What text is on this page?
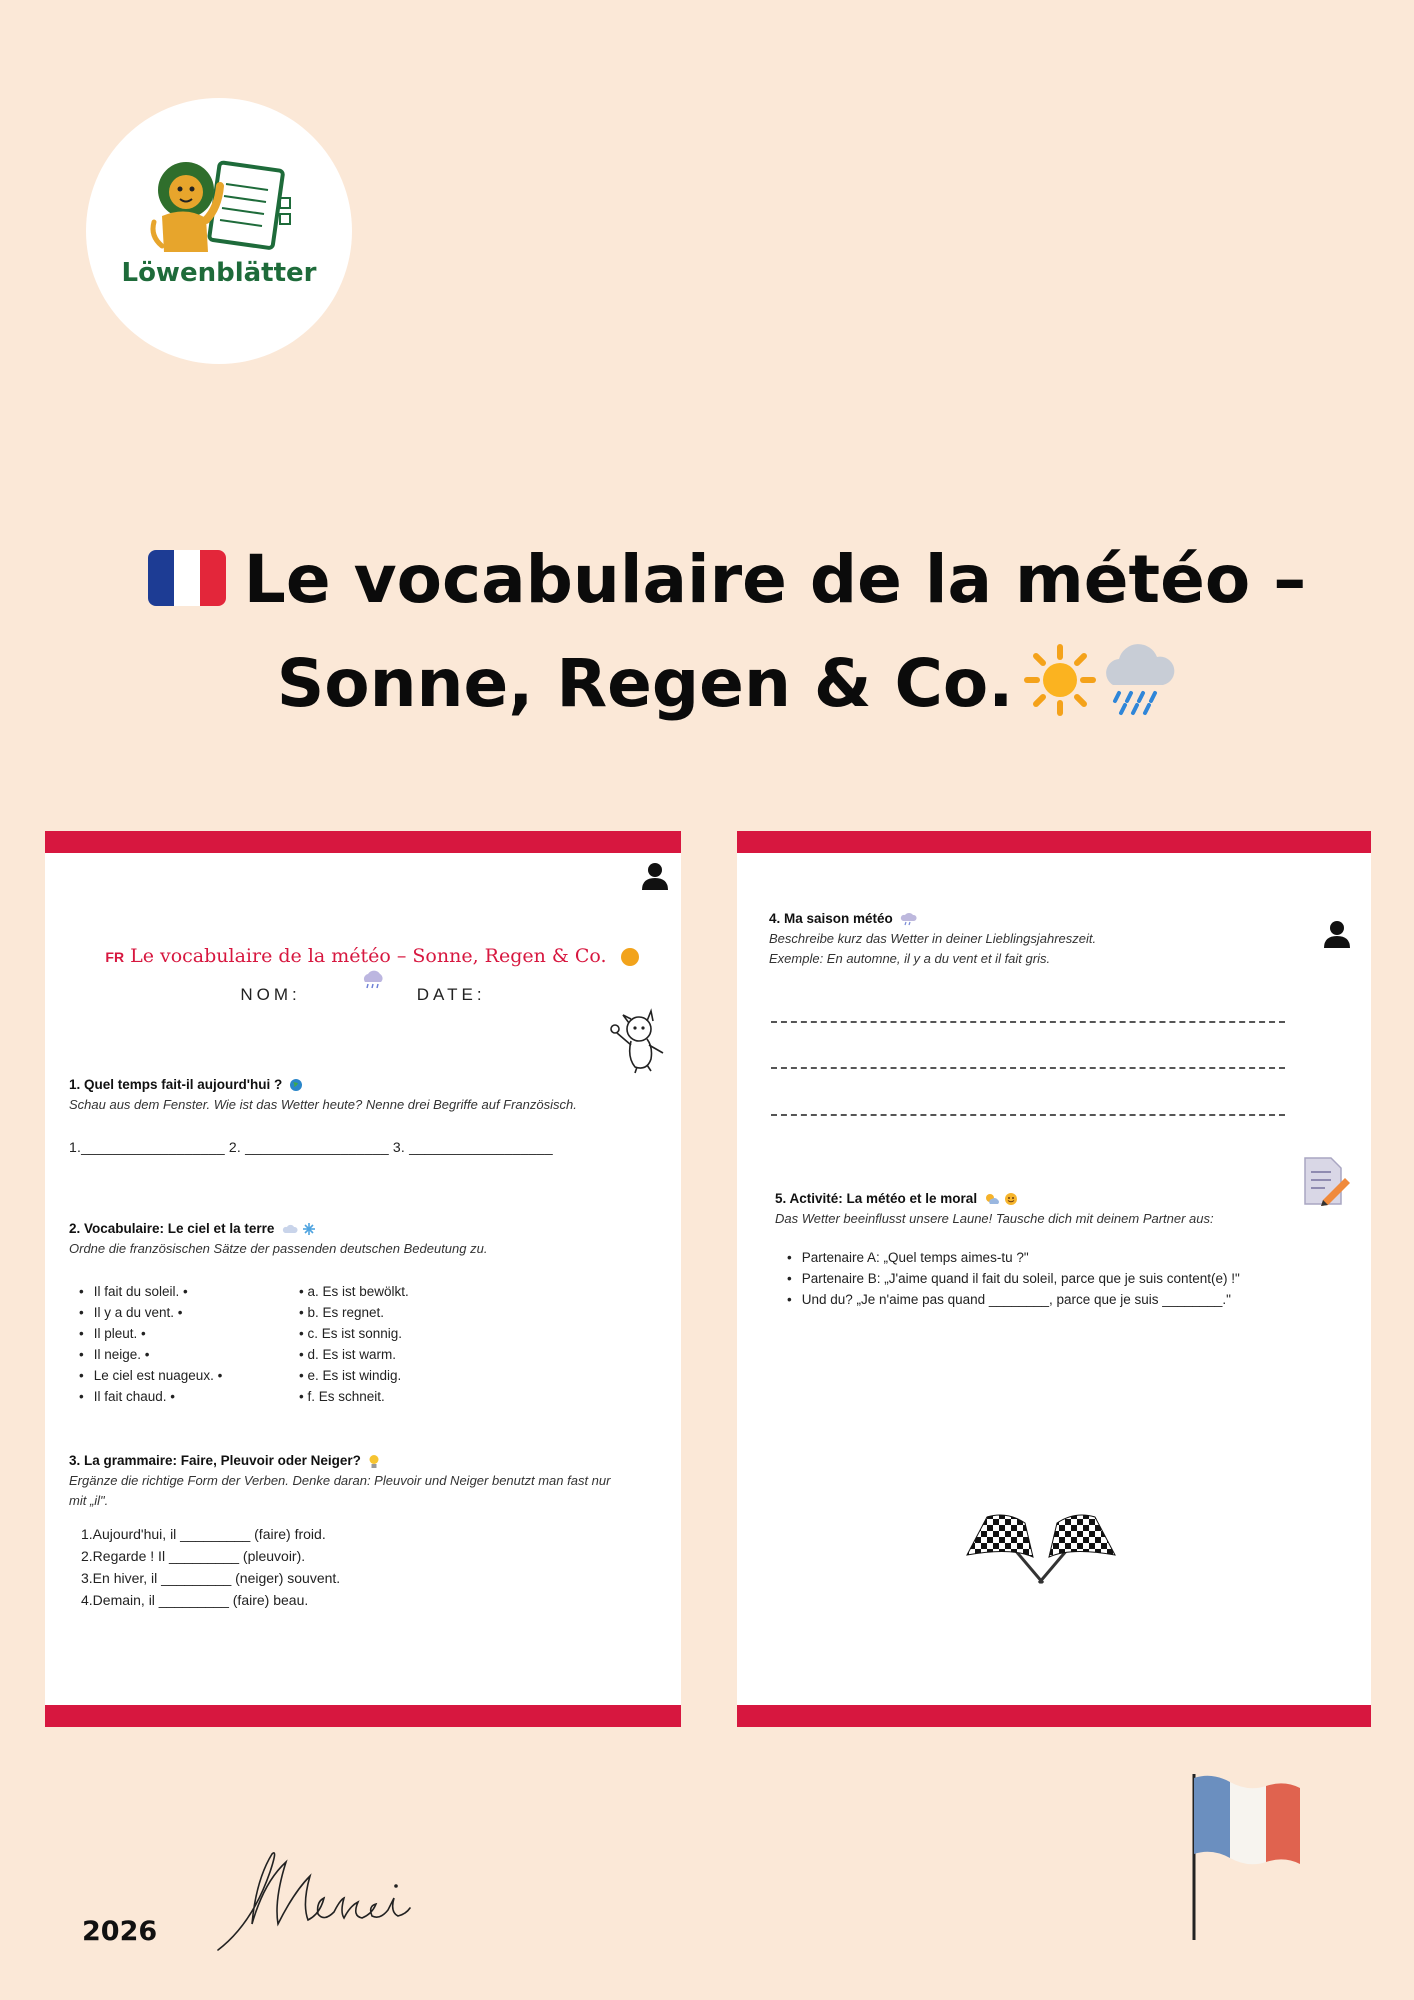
Löwenblätter
Le vocabulaire de la météo –
Sonne, Regen & Co.
FR Le vocabulaire de la météo – Sonne, Regen & Co.
NOM:	DATE:
1. Quel temps fait-il aujourd'hui ?
Schau aus dem Fenster. Wie ist das Wetter heute? Nenne drei Begriffe auf Französisch.
1.__________________ 2. __________________ 3. __________________
2. Vocabulaire: Le ciel et la terre
Ordne die französischen Sätze der passenden deutschen Bedeutung zu.
• Il fait du soleil. •
• Il y a du vent. •
• Il pleut. •
• Il neige. •
• Le ciel est nuageux. •
• Il fait chaud. •
• a. Es ist bewölkt.
• b. Es regnet.
• c. Es ist sonnig.
• d. Es ist warm.
• e. Es ist windig.
• f. Es schneit.
3. La grammaire: Faire, Pleuvoir oder Neiger?
Ergänze die richtige Form der Verben. Denke daran: Pleuvoir und Neiger benutzt man fast nur mit „il".
1.Aujourd'hui, il _________ (faire) froid.
2.Regarde ! Il _________ (pleuvoir).
3.En hiver, il _________ (neiger) souvent.
4.Demain, il _________ (faire) beau.
4. Ma saison météo
Beschreibe kurz das Wetter in deiner Lieblingsjahreszeit.
Exemple: En automne, il y a du vent et il fait gris.
5. Activité: La météo et le moral
Das Wetter beeinflusst unsere Laune! Tausche dich mit deinem Partner aus:
• Partenaire A: „Quel temps aimes-tu ?"
• Partenaire B: „J'aime quand il fait du soleil, parce que je suis content(e) !"
• Und du? „Je n'aime pas quand ________, parce que je suis ________."
2026
